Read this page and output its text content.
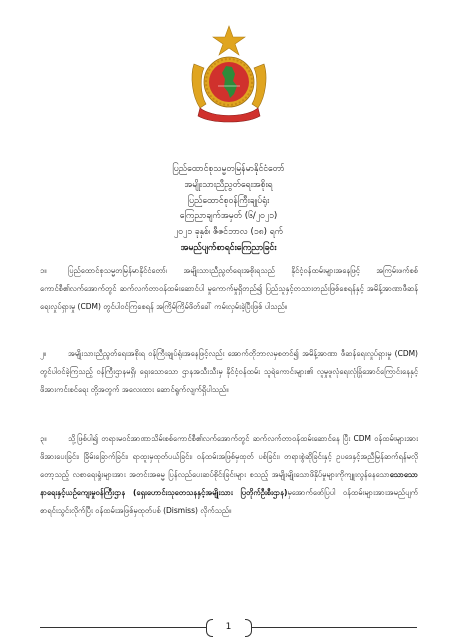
ပြည်ထောင်စုသမ္မတမြန်မာနိုင်ငံတော်
အမျိုးသားညီညွတ်ရေးအစိုးရ
ပြည်ထောင်စုဝန်ကြီးချုပ်ရုံး
ကြေညာချက်အမှတ် (၆/၂၀၂၁)
၂၀၂၁ ခုနှစ်၊ ဇီဇင်ဘာလ (၁၈) ရက်
အမည်ပျက်စာရင်းကြေညာခြင်း
၁။	ပြည်ထောင်စုသမ္မတမြန်မာနိုင်ငံတော်၊ အမျိုးသားညီညွတ်ရေးအစိုးရသည် နိုင်ငံ့ဝန်ထမ်းများအနေဖြင့် အကြမ်းဖက်စစ်ကောင်စီ၏လက်အောက်တွင် ဆက်လက်တာဝန်ထမ်းဆောင်ပါ မှုကောက်မှုရှိတည်၍ ပြည်သူနှင့်တသားတည်းဖြစ်စေရန်နှင့် အမိန့်အာဏာဖီဆန်ရေးလှုပ်ရှားမှု (CDM) တွင်ပါဝင်ကြစေရန် အကြိမ်ကြိမ်ဖိတ်ခေါ် ကမ်းလှမ်းခဲ့ပြီးဖြစ် ပါသည်။
၂။	အမျိုးသားညီညွတ်ရေးအစိုးရ ဝန်ကြီးချုပ်ရုံးအနေဖြင့်လည်း အောက်တိုဘာလမှစတင်၍ အမိန့်အာဏာ ဖီဆန်ရေးလှုပ်ရှားမှု (CDM) တွင်ပါဝင်ခဲ့ကြသည့် ဝန်ကြီးဌာနမရှိ၊ ရှေးသောသော ဌာနအသီးသီးမှ နိုင်ငံ့ဝန်ထမ်း သူရဲကောင်းများ၏ လူမှုဖူလုံရေးလုံခြုံအောင်ကြောင်းနေနှင့် ဖိအားကင်းစင်ရေး တို့အတွက် အလေးထား ဆောင်ရွက်လျက်ရှိပါသည်။
၃။	သို့ဖြစ်ပါ၍ တရားမဝင်အာဏာသိမ်းစစ်ကောင်စီ၏လက်အောက်တွင် ဆက်လက်တာဝန်ထမ်းဆောင်နေ ပြီး CDM ဝန်ထမ်းများအား ဖိအားပေးခြင်း၊ ခြိမ်းခြောက်ခြင်း၊ ရာထူးမှထုတ်ပယ်ခြင်း၊ ဝန်ထမ်းအဖြစ်မှထုတ် ပစ်ခြင်း၊ တရားစွဲဆိုခြင်းနှင့် ဥပဒေနှင့်အညီမြန်ဆက်ရန်မလိုတော့သည့် လစာရေးရှုံးများအား အတင်းအဓမ္မ ပြန်လည်ပေးဆပ်စိုင်းခြင်းများ စသည့် အမျိုးမျိုးသောဖိနှိပ်မှုများကိုကျူးလွန်နေသောသောသောနာရေးနှင့်ယဉ်ကျေးမှုဝန်ကြီးဌာန (ရှေးဟောင်းသုတေသနနှင့်အမျိုးသား ပြတိုက်ဦးစီးဌာန)မှအောက်ဖော်ပြပါ ဝန်ထမ်းများအားအမည်ပျက်စာရင်းသွင်းလိုက်ပြီး ဝန်ထမ်းအဖြစ်မှထုတ်ပစ် (Dismiss) လိုက်သည်။
1
